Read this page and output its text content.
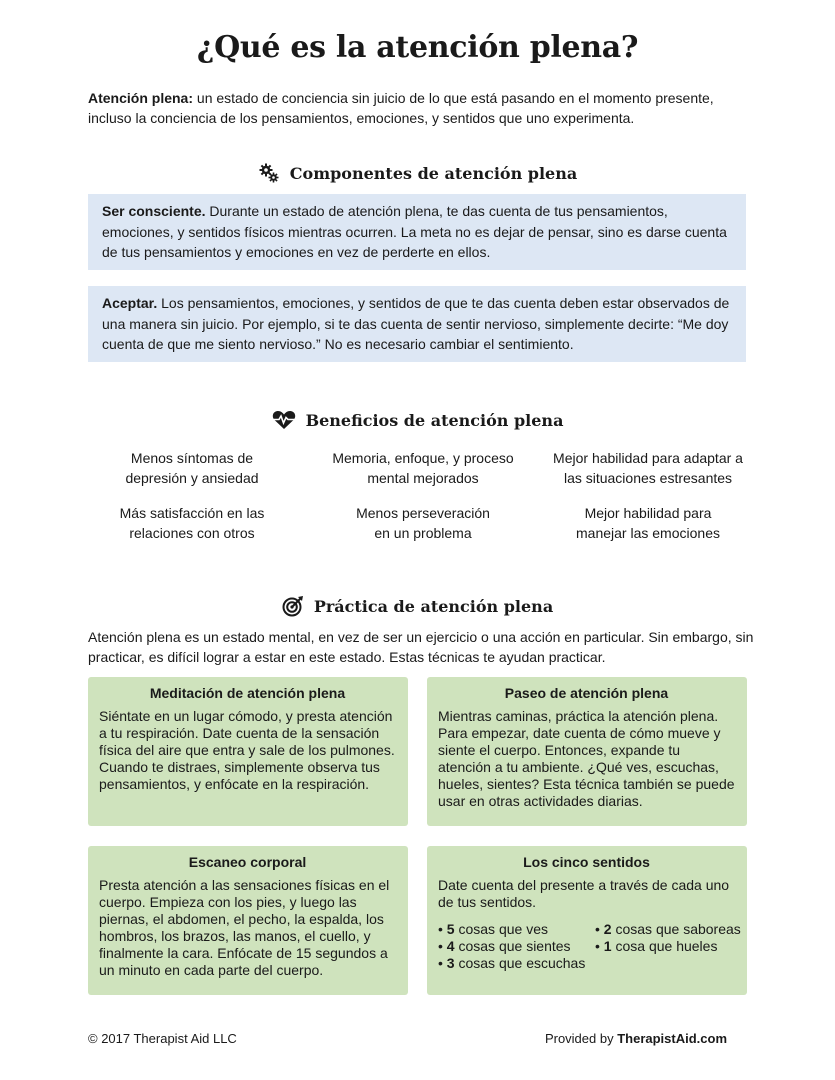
¿Qué es la atención plena?
Atención plena: un estado de conciencia sin juicio de lo que está pasando en el momento presente, incluso la conciencia de los pensamientos, emociones, y sentidos que uno experimenta.
Componentes de atención plena
Ser consciente. Durante un estado de atención plena, te das cuenta de tus pensamientos, emociones, y sentidos físicos mientras ocurren. La meta no es dejar de pensar, sino es darse cuenta de tus pensamientos y emociones en vez de perderte en ellos.
Aceptar. Los pensamientos, emociones, y sentidos de que te das cuenta deben estar observados de una manera sin juicio. Por ejemplo, si te das cuenta de sentir nervioso, simplemente decirte: “Me doy cuenta de que me siento nervioso.” No es necesario cambiar el sentimiento.
Beneficios de atención plena
Menos síntomas de
depresión y ansiedad
Memoria, enfoque, y proceso
mental mejorados
Mejor habilidad para adaptar a
las situaciones estresantes
Más satisfacción en las
relaciones con otros
Menos perseveración
en un problema
Mejor habilidad para
manejar las emociones
Práctica de atención plena
Atención plena es un estado mental, en vez de ser un ejercicio o una acción en particular. Sin embargo, sin practicar, es difícil lograr a estar en este estado. Estas técnicas te ayudan practicar.
Meditación de atención plena
Siéntate en un lugar cómodo, y presta atención a tu respiración. Date cuenta de la sensación física del aire que entra y sale de los pulmones. Cuando te distraes, simplemente observa tus pensamientos, y enfócate en la respiración.
Paseo de atención plena
Mientras caminas, práctica la atención plena. Para empezar, date cuenta de cómo mueve y siente el cuerpo. Entonces, expande tu atención a tu ambiente. ¿Qué ves, escuchas, hueles, sientes? Esta técnica también se puede usar en otras actividades diarias.
Escaneo corporal
Presta atención a las sensaciones físicas en el cuerpo. Empieza con los pies, y luego las piernas, el abdomen, el pecho, la espalda, los hombros, los brazos, las manos, el cuello, y finalmente la cara. Enfócate de 15 segundos a un minuto en cada parte del cuerpo.
Los cinco sentidos
Date cuenta del presente a través de cada uno de tus sentidos.
• 5 cosas que ves	• 2 cosas que saboreas
• 4 cosas que sientes	• 1 cosa que hueles
• 3 cosas que escuchas
© 2017 Therapist Aid LLC	Provided by TherapistAid.com
